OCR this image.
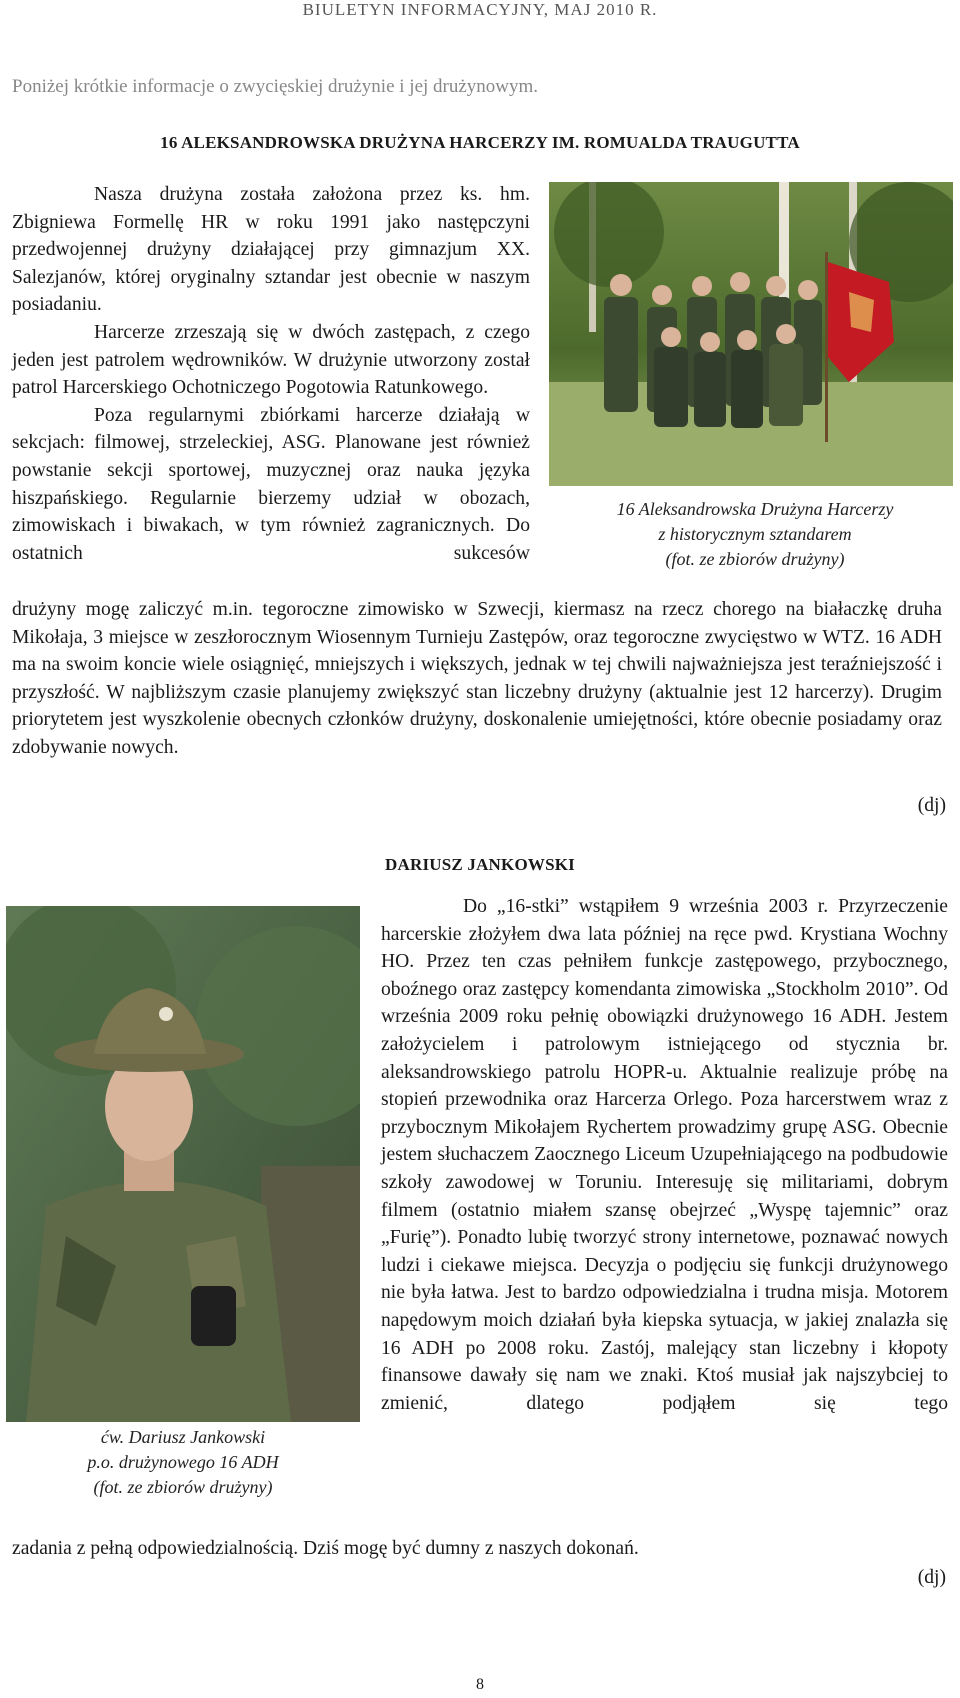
BIULETYN INFORMACYJNY, MAJ 2010 R.
Poniżej krótkie informacje o zwycięskiej drużynie i jej drużynowym.
16 ALEKSANDROWSKA DRUŻYNA HARCERZY IM. ROMUALDA TRAUGUTTA
16 Aleksandrowska Drużyna Harcerzy
z historycznym sztandarem
(fot. ze zbiorów drużyny)

Nasza drużyna została założona przez ks. hm. Zbigniewa Formellę HR w roku 1991 jako następczyni przedwojennej drużyny działającej przy gimnazjum XX. Salezjanów, której oryginalny sztandar jest obecnie w naszym posiadaniu.

Harcerze zrzeszają się w dwóch zastępach, z czego jeden jest patrolem wędrowników. W drużynie utworzony został patrol Harcerskiego Ochotniczego Pogotowia Ratunkowego.

Poza regularnymi zbiórkami harcerze działają w sekcjach: filmowej, strzeleckiej, ASG. Planowane jest również powstanie sekcji sportowej, muzycznej oraz nauka języka hiszpańskiego. Regularnie bierzemy udział w obozach, zimowiskach i biwakach, w tym również zagranicznych. Do ostatnich sukcesów

drużyny mogę zaliczyć m.in. tegoroczne zimowisko w Szwecji, kiermasz na rzecz chorego na białaczkę druha Mikołaja, 3 miejsce w zeszłorocznym Wiosennym Turnieju Zastępów, oraz tegoroczne zwycięstwo w WTZ. 16 ADH ma na swoim koncie wiele osiągnięć, mniejszych i większych, jednak w tej chwili najważniejsza jest teraźniejszość i przyszłość. W najbliższym czasie planujemy zwiększyć stan liczebny drużyny (aktualnie jest 12 harcerzy). Drugim priorytetem jest wyszkolenie obecnych członków drużyny, doskonalenie umiejętności, które obecnie posiadamy oraz zdobywanie nowych.

(dj)
DARIUSZ JANKOWSKI
ćw. Dariusz Jankowski
p.o. drużynowego 16 ADH
(fot. ze zbiorów drużyny)

Do „16-stki” wstąpiłem 9 września 2003 r. Przyrzeczenie harcerskie złożyłem dwa lata później na ręce pwd. Krystiana Wochny HO. Przez ten czas pełniłem funkcje zastępowego, przybocznego, oboźnego oraz zastępcy komendanta zimowiska „Stockholm 2010”. Od września 2009 roku pełnię obowiązki drużynowego 16 ADH. Jestem założycielem i patrolowym istniejącego od stycznia br. aleksandrowskiego patrolu HOPR-u. Aktualnie realizuje próbę na stopień przewodnika oraz Harcerza Orlego. Poza harcerstwem wraz z przybocznym Mikołajem Rychertem prowadzimy grupę ASG. Obecnie jestem słuchaczem Zaocznego Liceum Uzupełniającego na podbudowie szkoły zawodowej w Toruniu. Interesuję się militariami, dobrym filmem (ostatnio miałem szansę obejrzeć „Wyspę tajemnic” oraz „Furię”). Ponadto lubię tworzyć strony internetowe, poznawać nowych ludzi i ciekawe miejsca. Decyzja o podjęciu się funkcji drużynowego nie była łatwa. Jest to bardzo odpowiedzialna i trudna misja. Motorem napędowym moich działań była kiepska sytuacja, w jakiej znalazła się 16 ADH po 2008 roku. Zastój, malejący stan liczebny i kłopoty finansowe dawały się nam we znaki. Ktoś musiał jak najszybciej to zmienić, dlatego podjąłem się tego

zadania z pełną odpowiedzialnością. Dziś mogę być dumny z naszych dokonań.

(dj)
8
